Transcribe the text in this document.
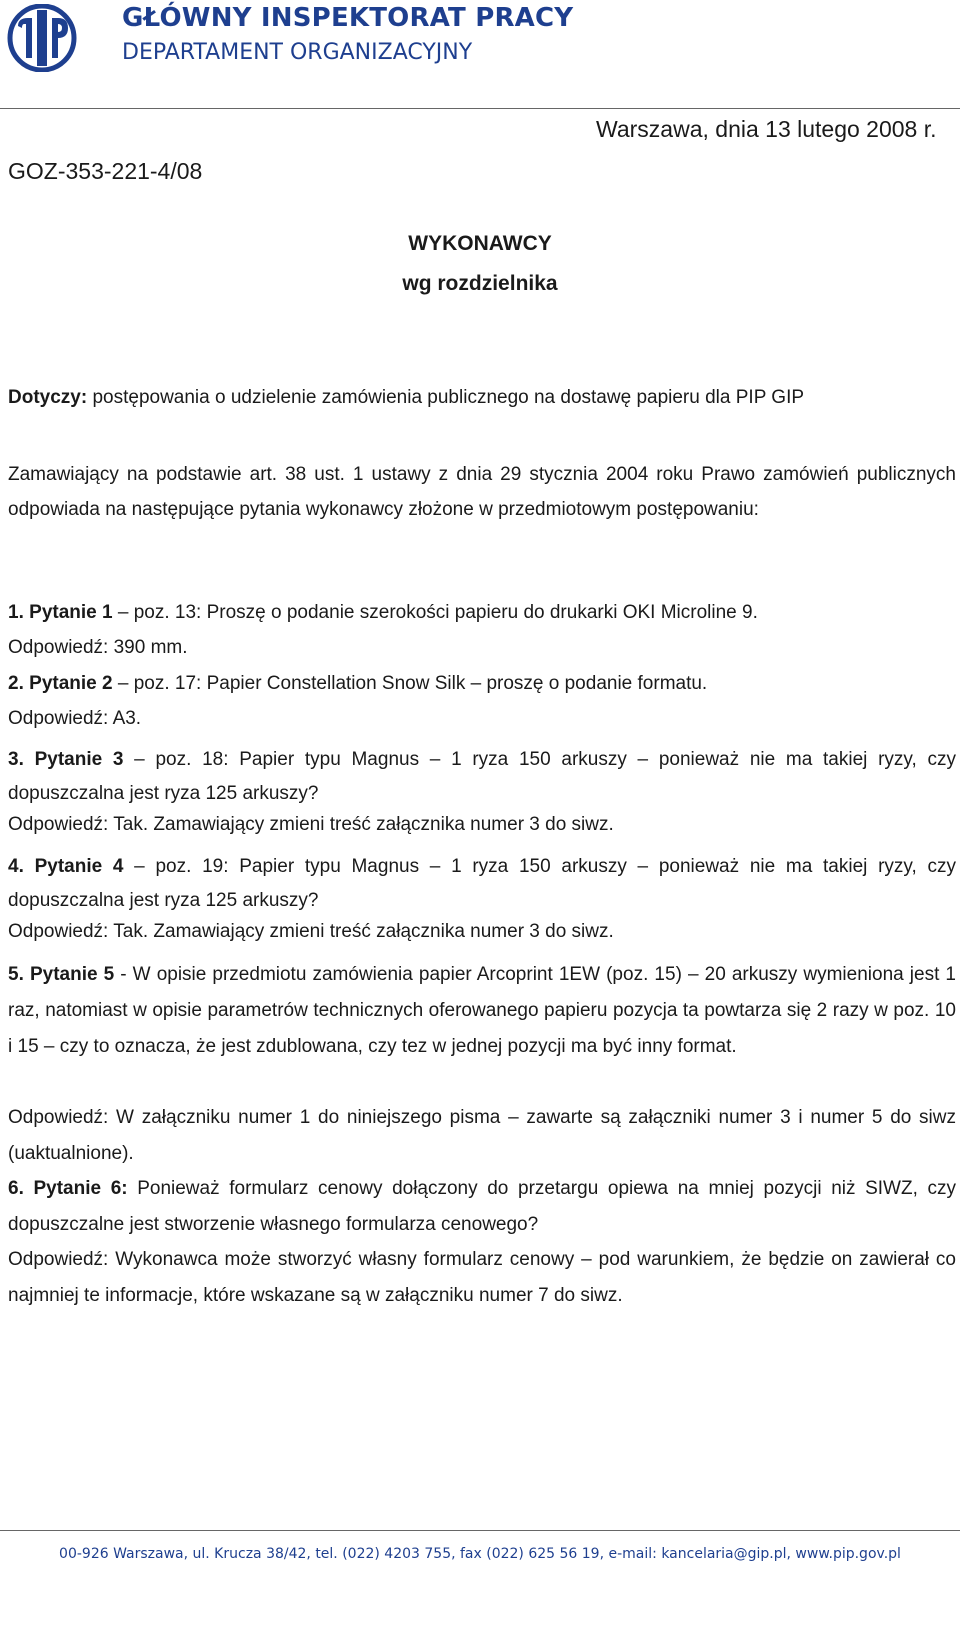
GŁÓWNY INSPEKTORAT PRACY
DEPARTAMENT ORGANIZACYJNY
Warszawa, dnia 13 lutego 2008 r.
GOZ-353-221-4/08
WYKONAWCY
wg rozdzielnika
Dotyczy: postępowania o udzielenie zamówienia publicznego na dostawę papieru dla PIP GIP
Zamawiający na podstawie art. 38 ust. 1 ustawy z dnia 29 stycznia 2004 roku Prawo zamówień publicznych odpowiada na następujące pytania wykonawcy złożone w przedmiotowym postępowaniu:
1. Pytanie 1 – poz. 13: Proszę o podanie szerokości papieru do drukarki OKI Microline 9.
Odpowiedź: 390 mm.
2. Pytanie 2 – poz. 17: Papier Constellation Snow Silk – proszę o podanie formatu.
Odpowiedź: A3.
3. Pytanie 3 – poz. 18: Papier typu Magnus – 1 ryza 150 arkuszy – ponieważ nie ma takiej ryzy, czy dopuszczalna jest ryza 125 arkuszy?
Odpowiedź: Tak. Zamawiający zmieni treść załącznika numer 3 do siwz.
4. Pytanie 4 – poz. 19: Papier typu Magnus – 1 ryza 150 arkuszy – ponieważ nie ma takiej ryzy, czy dopuszczalna jest ryza 125 arkuszy?
Odpowiedź: Tak. Zamawiający zmieni treść załącznika numer 3 do siwz.
5. Pytanie 5 - W opisie przedmiotu zamówienia papier Arcoprint 1EW (poz. 15) – 20 arkuszy wymieniona jest 1 raz, natomiast w opisie parametrów technicznych oferowanego papieru pozycja ta powtarza się 2 razy w poz. 10 i 15 – czy to oznacza, że jest zdublowana, czy tez w jednej pozycji ma być inny format.
Odpowiedź: W załączniku numer 1 do niniejszego pisma – zawarte są załączniki numer 3 i numer 5 do siwz (uaktualnione).
6. Pytanie 6: Ponieważ formularz cenowy dołączony do przetargu opiewa na mniej pozycji niż SIWZ, czy dopuszczalne jest stworzenie własnego formularza cenowego?
Odpowiedź: Wykonawca może stworzyć własny formularz cenowy – pod warunkiem, że będzie on zawierał co najmniej te informacje, które wskazane są w załączniku numer 7 do siwz.
00-926 Warszawa, ul. Krucza 38/42, tel. (022) 4203 755, fax (022) 625 56 19, e-mail: kancelaria@gip.pl, www.pip.gov.pl
